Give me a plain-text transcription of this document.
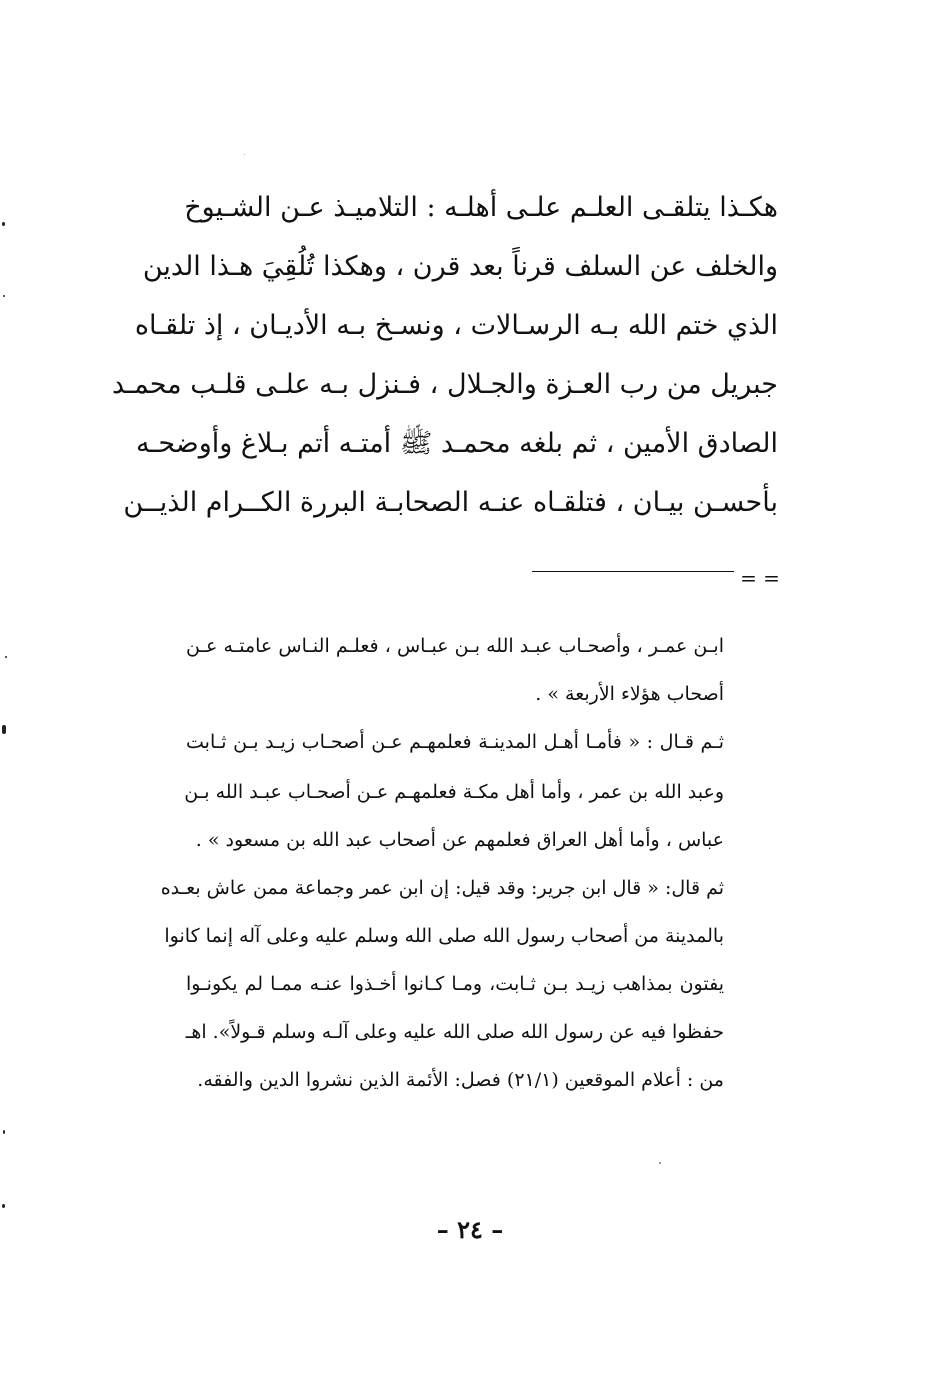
هكـذا يتلقـى العلـم علـى أهلـه : التلاميـذ عـن الشـيوخ
والخلف عن السلف قرناً بعد قرن ، وهكذا تُلُقِيَ هـذا الدين
الذي ختم الله بـه الرسـالات ، ونسـخ بـه الأديـان ، إذ تلقـاه
جبريل من رب العـزة والجـلال ، فـنزل بـه علـى قلـب محمـد
الصادق الأمين ، ثم بلغه محمـد ﷺ أمتـه أتم بـلاغ وأوضحـه
بأحسـن بيـان ، فتلقـاه عنـه الصحابـة البررة الكــرام الذيــن
= =
ابـن عمـر ، وأصحـاب عبـد الله بـن عبـاس ، فعلـم النـاس عامتـه عـن
أصحاب هؤلاء الأربعة » .
ثـم قـال : « فأمـا أهـل المدينـة فعلمهـم عـن أصحـاب زيـد بـن ثـابت
وعبد الله بن عمر ، وأما أهل مكـة فعلمهـم عـن أصحـاب عبـد الله بـن
عباس ، وأما أهل العراق فعلمهم عن أصحاب عبد الله بن مسعود » .
ثم قال: « قال ابن جرير: وقد قيل: إن ابن عمر وجماعة ممن عاش بعـده
بالمدينة من أصحاب رسول الله صلى الله وسلم عليه وعلى آله إنما كانوا
يفتون بمذاهب زيـد بـن ثـابت، ومـا كـانوا أخـذوا عنـه ممـا لم يكونـوا
حفظوا فيه عن رسول الله صلى الله عليه وعلى آلـه وسلم قـولاً». اهـ
من : أعلام الموقعين (٢١/١) فصل: الأئمة الذين نشروا الدين والفقه.
– ٢٤ –
